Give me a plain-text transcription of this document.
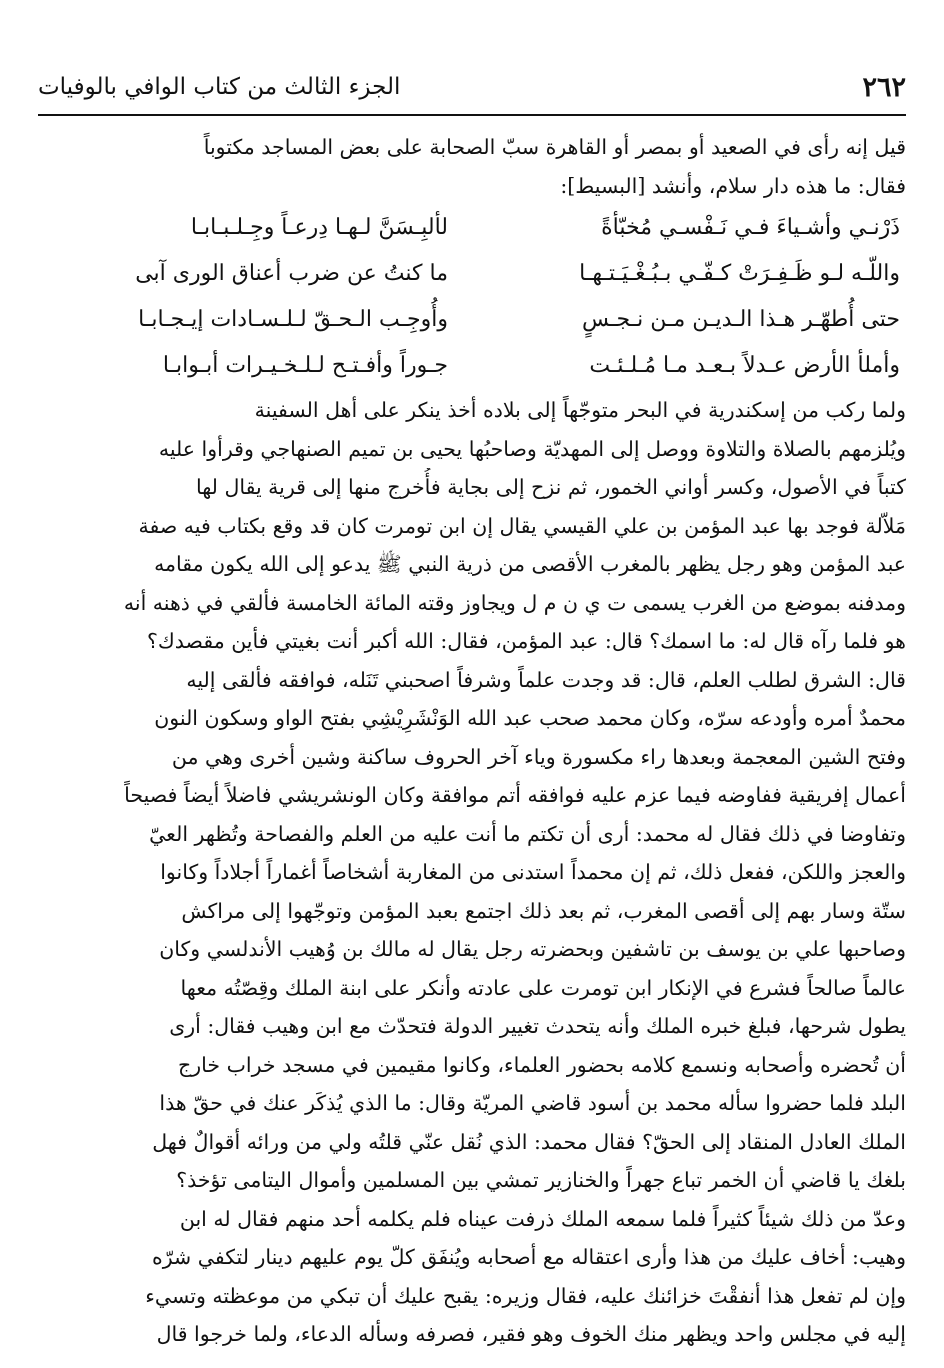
٢٦٢
الجزء الثالث من كتاب الوافي بالوفيات
قيل إنه رأى في الصعيد أو بمصر أو القاهرة سبّ الصحابة على بعض المساجد مكتوباً
فقال: ما هذه دار سلام، وأنشد [البسيط]:
ذَرْنـي وأشـياءَ فـي نَـفْسـي مُخبّأةً
لألبِـسَنَّ لـهـا دِرعـاً وجِـلـبـابـا
واللّـه لـو ظَـفِـرَتْ كـفّـي بـبُـغْـيَـتـهـا
ما كنتُ عن ضرب أعناق الورى آبى
حتى أُطهّـر هـذا الـديـن مـن نـجـسٍ
وأُوجِـب الـحـقّ لـلـسـادات إيـجـابـا
وأملأ الأرض عـدلاً بـعـد مـا مُـلـئـت
جـوراً وأفـتـح لـلـخـيـرات أبـوابـا
ولما ركب من إسكندرية في البحر متوجّهاً إلى بلاده أخذ ينكر على أهل السفينة
ويُلزمهم بالصلاة والتلاوة ووصل إلى المهديّة وصاحبُها يحيى بن تميم الصنهاجي وقرأوا عليه
كتباً في الأصول، وكسر أواني الخمور، ثم نزح إلى بجاية فأُخرج منها إلى قرية يقال لها
مَلاّلة فوجد بها عبد المؤمن بن علي القيسي يقال إن ابن تومرت كان قد وقع بكتاب فيه صفة
عبد المؤمن وهو رجل يظهر بالمغرب الأقصى من ذرية النبي ﷺ يدعو إلى الله يكون مقامه
ومدفنه بموضع من الغرب يسمى ت ي ن م ل ويجاوز وقته المائة الخامسة فألقي في ذهنه أنه
هو فلما رآه قال له: ما اسمك؟ قال: عبد المؤمن، فقال: الله أكبر أنت بغيتي فأين مقصدك؟
قال: الشرق لطلب العلم، قال: قد وجدت علماً وشرفاً اصحبني تَنَله، فوافقه فألقى إليه
محمدٌ أمره وأودعه سرّه، وكان محمد صحب عبد الله الوَنْشَرِيْشِي بفتح الواو وسكون النون
وفتح الشين المعجمة وبعدها راء مكسورة وياء آخر الحروف ساكنة وشين أخرى وهي من
أعمال إفريقية ففاوضه فيما عزم عليه فوافقه أتم موافقة وكان الونشريشي فاضلاً أيضاً فصيحاً
وتفاوضا في ذلك فقال له محمد: أرى أن تكتم ما أنت عليه من العلم والفصاحة وتُظهر العيّ
والعجز واللكن، ففعل ذلك، ثم إن محمداً استدنى من المغاربة أشخاصاً أغماراً أجلاداً وكانوا
ستّة وسار بهم إلى أقصى المغرب، ثم بعد ذلك اجتمع بعبد المؤمن وتوجّهوا إلى مراكش
وصاحبها علي بن يوسف بن تاشفين وبحضرته رجل يقال له مالك بن وُهيب الأندلسي وكان
عالماً صالحاً فشرع في الإنكار ابن تومرت على عادته وأنكر على ابنة الملك وقِصّتُه معها
يطول شرحها، فبلغ خبره الملك وأنه يتحدث تغيير الدولة فتحدّث مع ابن وهيب فقال: أرى
أن تُحضره وأصحابه ونسمع كلامه بحضور العلماء، وكانوا مقيمين في مسجد خراب خارج
البلد فلما حضروا سأله محمد بن أسود قاضي المريّة وقال: ما الذي يُذكَر عنك في حقّ هذا
الملك العادل المنقاد إلى الحقّ؟ فقال محمد: الذي نُقل عنّي قلتُه ولي من ورائه أقوالٌ فهل
بلغك يا قاضي أن الخمر تباع جهراً والخنازير تمشي بين المسلمين وأموال اليتامى تؤخذ؟
وعدّ من ذلك شيئاً كثيراً فلما سمعه الملك ذرفت عيناه فلم يكلمه أحد منهم فقال له ابن
وهيب: أخاف عليك من هذا وأرى اعتقاله مع أصحابه ويُنفَق كلّ يوم عليهم دينار لتكفي شرّه
وإن لم تفعل هذا أنفقْتَ خزائنك عليه، فقال وزيره: يقبح عليك أن تبكي من موعظته وتسيء
إليه في مجلس واحد ويظهر منك الخوف وهو فقير، فصرفه وسأله الدعاء، ولما خرجوا قال
